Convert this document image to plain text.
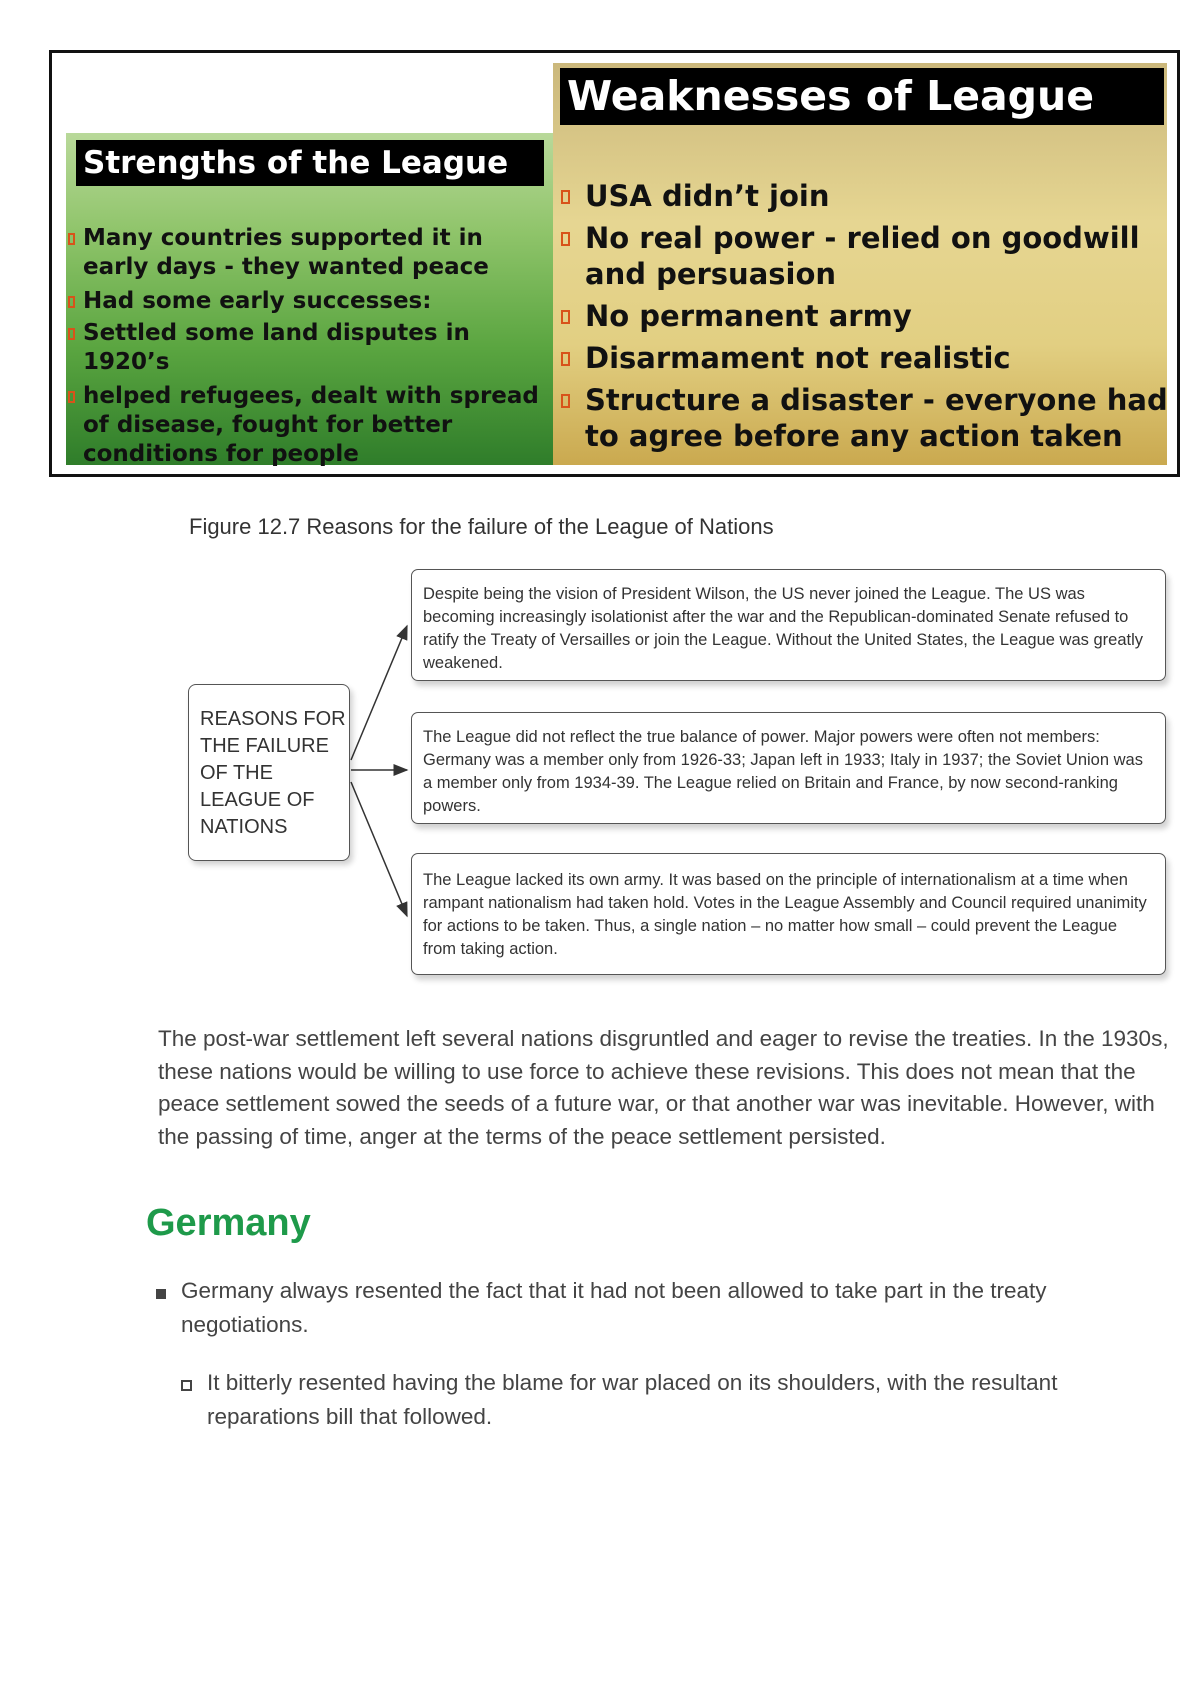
Strengths of the League
Many countries supported it in early days - they wanted peace
Had some early successes:
Settled some land disputes in 1920’s
helped refugees, dealt with spread of disease, fought for better conditions for people
Weaknesses of League
USA didn’t join
No real power - relied on goodwill and persuasion
No permanent army
Disarmament not realistic
Structure a disaster - everyone had to agree before any action taken
Figure 12.7 Reasons for the failure of the League of Nations
REASONS FOR THE FAILURE OF THE LEAGUE OF NATIONS
Despite being the vision of President Wilson, the US never joined the League. The US was becoming increasingly isolationist after the war and the Republican-dominated Senate refused to ratify the Treaty of Versailles or join the League. Without the United States, the League was greatly weakened.
The League did not reflect the true balance of power. Major powers were often not members: Germany was a member only from 1926-33; Japan left in 1933; Italy in 1937; the Soviet Union was a member only from 1934-39. The League relied on Britain and France, by now second-ranking powers.
The League lacked its own army. It was based on the principle of internationalism at a time when rampant nationalism had taken hold. Votes in the League Assembly and Council required unanimity for actions to be taken. Thus, a single nation – no matter how small – could prevent the League from taking action.
The post-war settlement left several nations disgruntled and eager to revise the treaties. In the 1930s, these nations would be willing to use force to achieve these revisions. This does not mean that the peace settlement sowed the seeds of a future war, or that another war was inevitable. However, with the passing of time, anger at the terms of the peace settlement persisted.
Germany
Germany always resented the fact that it had not been allowed to take part in the treaty negotiations.
It bitterly resented having the blame for war placed on its shoulders, with the resultant reparations bill that followed.
